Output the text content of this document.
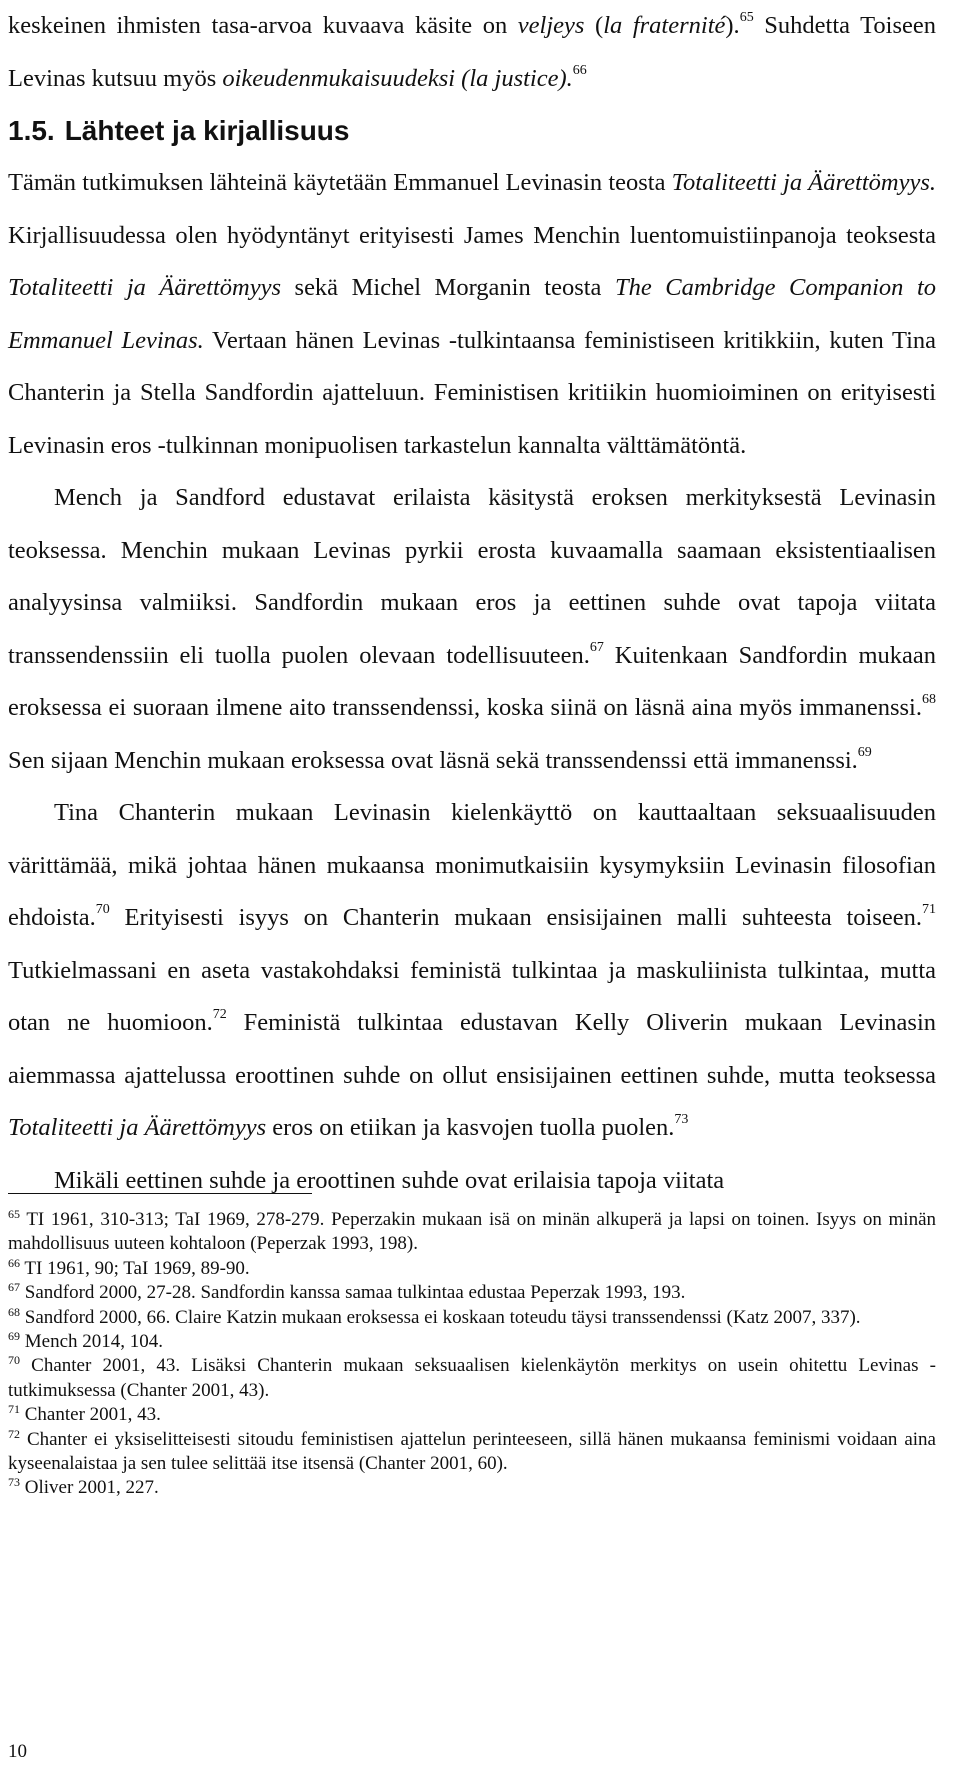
keskeinen ihmisten tasa-arvoa kuvaava käsite on veljeys (la fraternité).$^{65}$ Suhdetta Toiseen Levinas kutsuu myös oikeudenmukaisuudeksi (la justice).$^{66}$

1.5. Lähteet ja kirjallisuus

Tämän tutkimuksen lähteinä käytetään Emmanuel Levinasin teosta Totaliteetti ja Äärettömyys. Kirjallisuudessa olen hyödyntänyt erityisesti James Menchin luentomuistiinpanoja teoksesta Totaliteetti ja Äärettömyys sekä Michel Morganin teosta The Cambridge Companion to Emmanuel Levinas. Vertaan hänen Levinas -tulkintaansa feministiseen kritikkiin, kuten Tina Chanterin ja Stella Sandfordin ajatteluun. Feministisen kritiikin huomioiminen on erityisesti Levinasin eros -tulkinnan monipuolisen tarkastelun kannalta välttämätöntä.

Mench ja Sandford edustavat erilaista käsitystä eroksen merkityksestä Levinasin teoksessa. Menchin mukaan Levinas pyrkii erosta kuvaamalla saamaan eksistentiaalisen analyysinsa valmiiksi. Sandfordin mukaan eros ja eettinen suhde ovat tapoja viitata transsendenssiin eli tuolla puolen olevaan todellisuuteen.$^{67}$ Kuitenkaan Sandfordin mukaan eroksessa ei suoraan ilmene aito transsendenssi, koska siinä on läsnä aina myös immanenssi.$^{68}$ Sen sijaan Menchin mukaan eroksessa ovat läsnä sekä transsendenssi että immanenssi.$^{69}$

Tina Chanterin mukaan Levinasin kielenkäyttö on kauttaaltaan seksuaalisuuden värittämää, mikä johtaa hänen mukaansa monimutkaisiin kysymyksiin Levinasin filosofian ehdoista.$^{70}$ Erityisesti isyys on Chanterin mukaan ensisijainen malli suhteesta toiseen.$^{71}$ Tutkielmassani en aseta vastakohdaksi feministä tulkintaa ja maskuliinista tulkintaa, mutta otan ne huomioon.$^{72}$ Feministä tulkintaa edustavan Kelly Oliverin mukaan Levinasin aiemmassa ajattelussa eroottinen suhde on ollut ensisijainen eettinen suhde, mutta teoksessa Totaliteetti ja Äärettömyys eros on etiikan ja kasvojen tuolla puolen.$^{73}$

Mikäli eettinen suhde ja eroottinen suhde ovat erilaisia tapoja viitata

$^{65}$ TI 1961, 310-313; TaI 1969, 278-279. Peperzakin mukaan isä on minän alkuperä ja lapsi on toinen. Isyys on minän mahdollisuus uuteen kohtaloon (Peperzak 1993, 198).

$^{66}$ TI 1961, 90; TaI 1969, 89-90.

$^{67}$ Sandford 2000, 27-28. Sandfordin kanssa samaa tulkintaa edustaa Peperzak 1993, 193.

$^{68}$ Sandford 2000, 66. Claire Katzin mukaan eroksessa ei koskaan toteudu täysi transsendenssi (Katz 2007, 337).

$^{69}$ Mench 2014, 104.

$^{70}$ Chanter 2001, 43. Lisäksi Chanterin mukaan seksuaalisen kielenkäytön merkitys on usein ohitettu Levinas -tutkimuksessa (Chanter 2001, 43).

$^{71}$ Chanter 2001, 43.

$^{72}$ Chanter ei yksiselitteisesti sitoudu feministisen ajattelun perinteeseen, sillä hänen mukaansa feminismi voidaan aina kyseenalaistaa ja sen tulee selittää itse itsensä (Chanter 2001, 60).

$^{73}$ Oliver 2001, 227.

10
